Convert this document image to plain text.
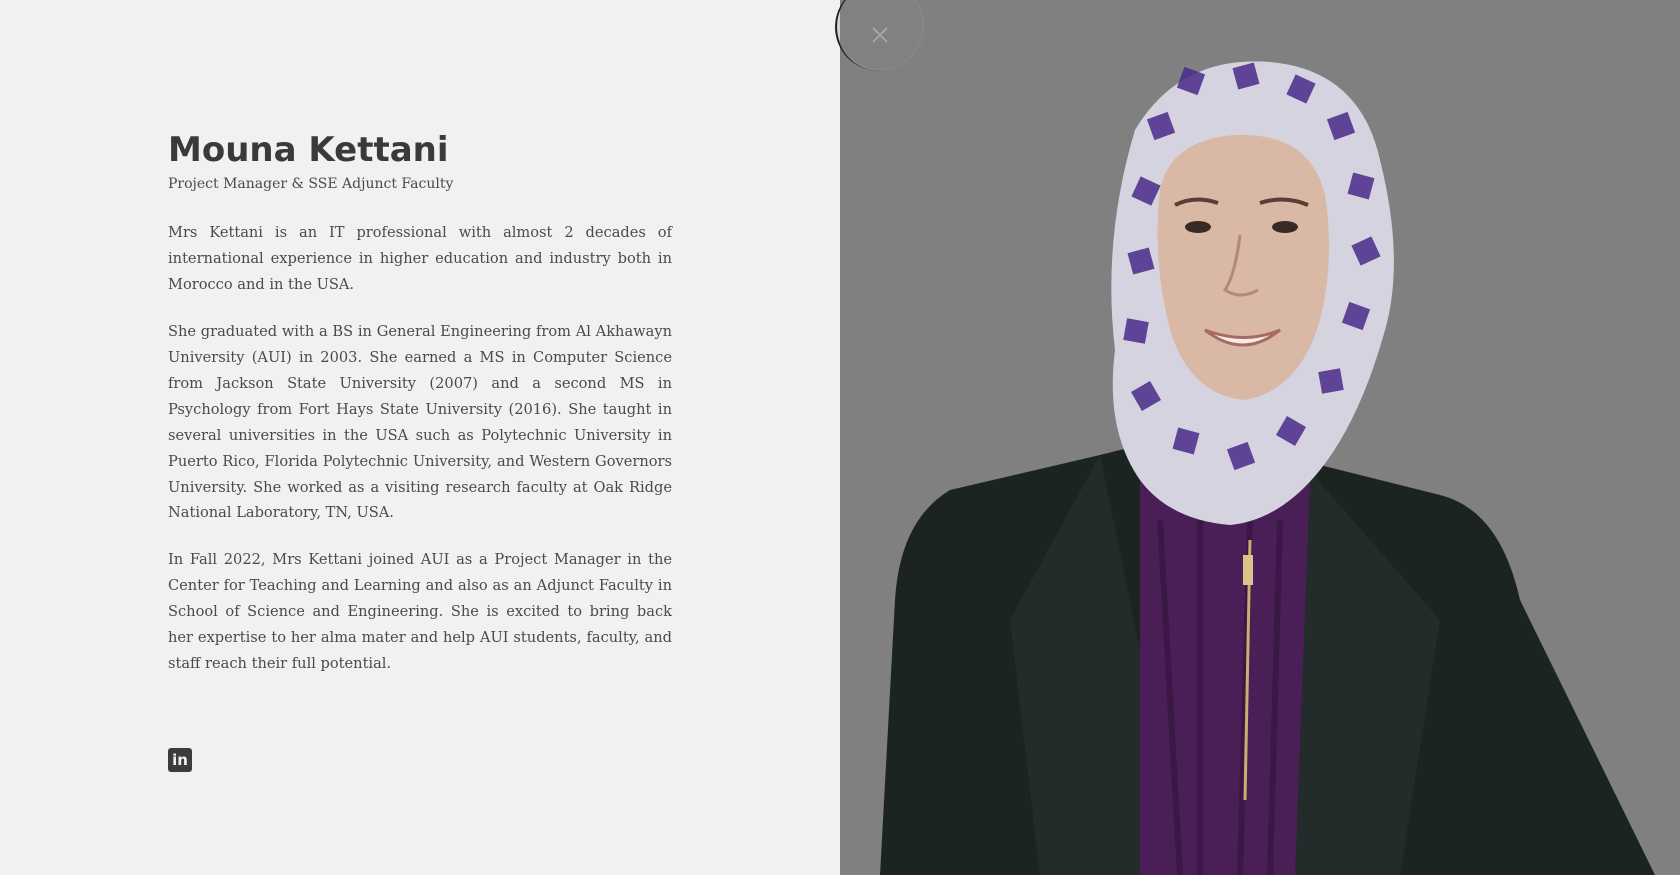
Mouna Kettani
Project Manager & SSE Adjunct Faculty

Mrs Kettani is an IT professional with almost 2 decades of international experience in higher education and industry both in Morocco and in the USA.

She graduated with a BS in General Engineering from Al Akhawayn University (AUI) in 2003. She earned a MS in Computer Science from Jackson State University (2007) and a second MS in Psychology from Fort Hays State University (2016). She taught in several universities in the USA such as Polytechnic University in Puerto Rico, Florida Polytechnic University, and Western Governors University. She worked as a visiting research faculty at Oak Ridge National Laboratory, TN, USA.

In Fall 2022, Mrs Kettani joined AUI as a Project Manager in the Center for Teaching and Learning and also as an Adjunct Faculty in School of Science and Engineering. She is excited to bring back her expertise to her alma mater and help AUI students, faculty, and staff reach their full potential.

in
